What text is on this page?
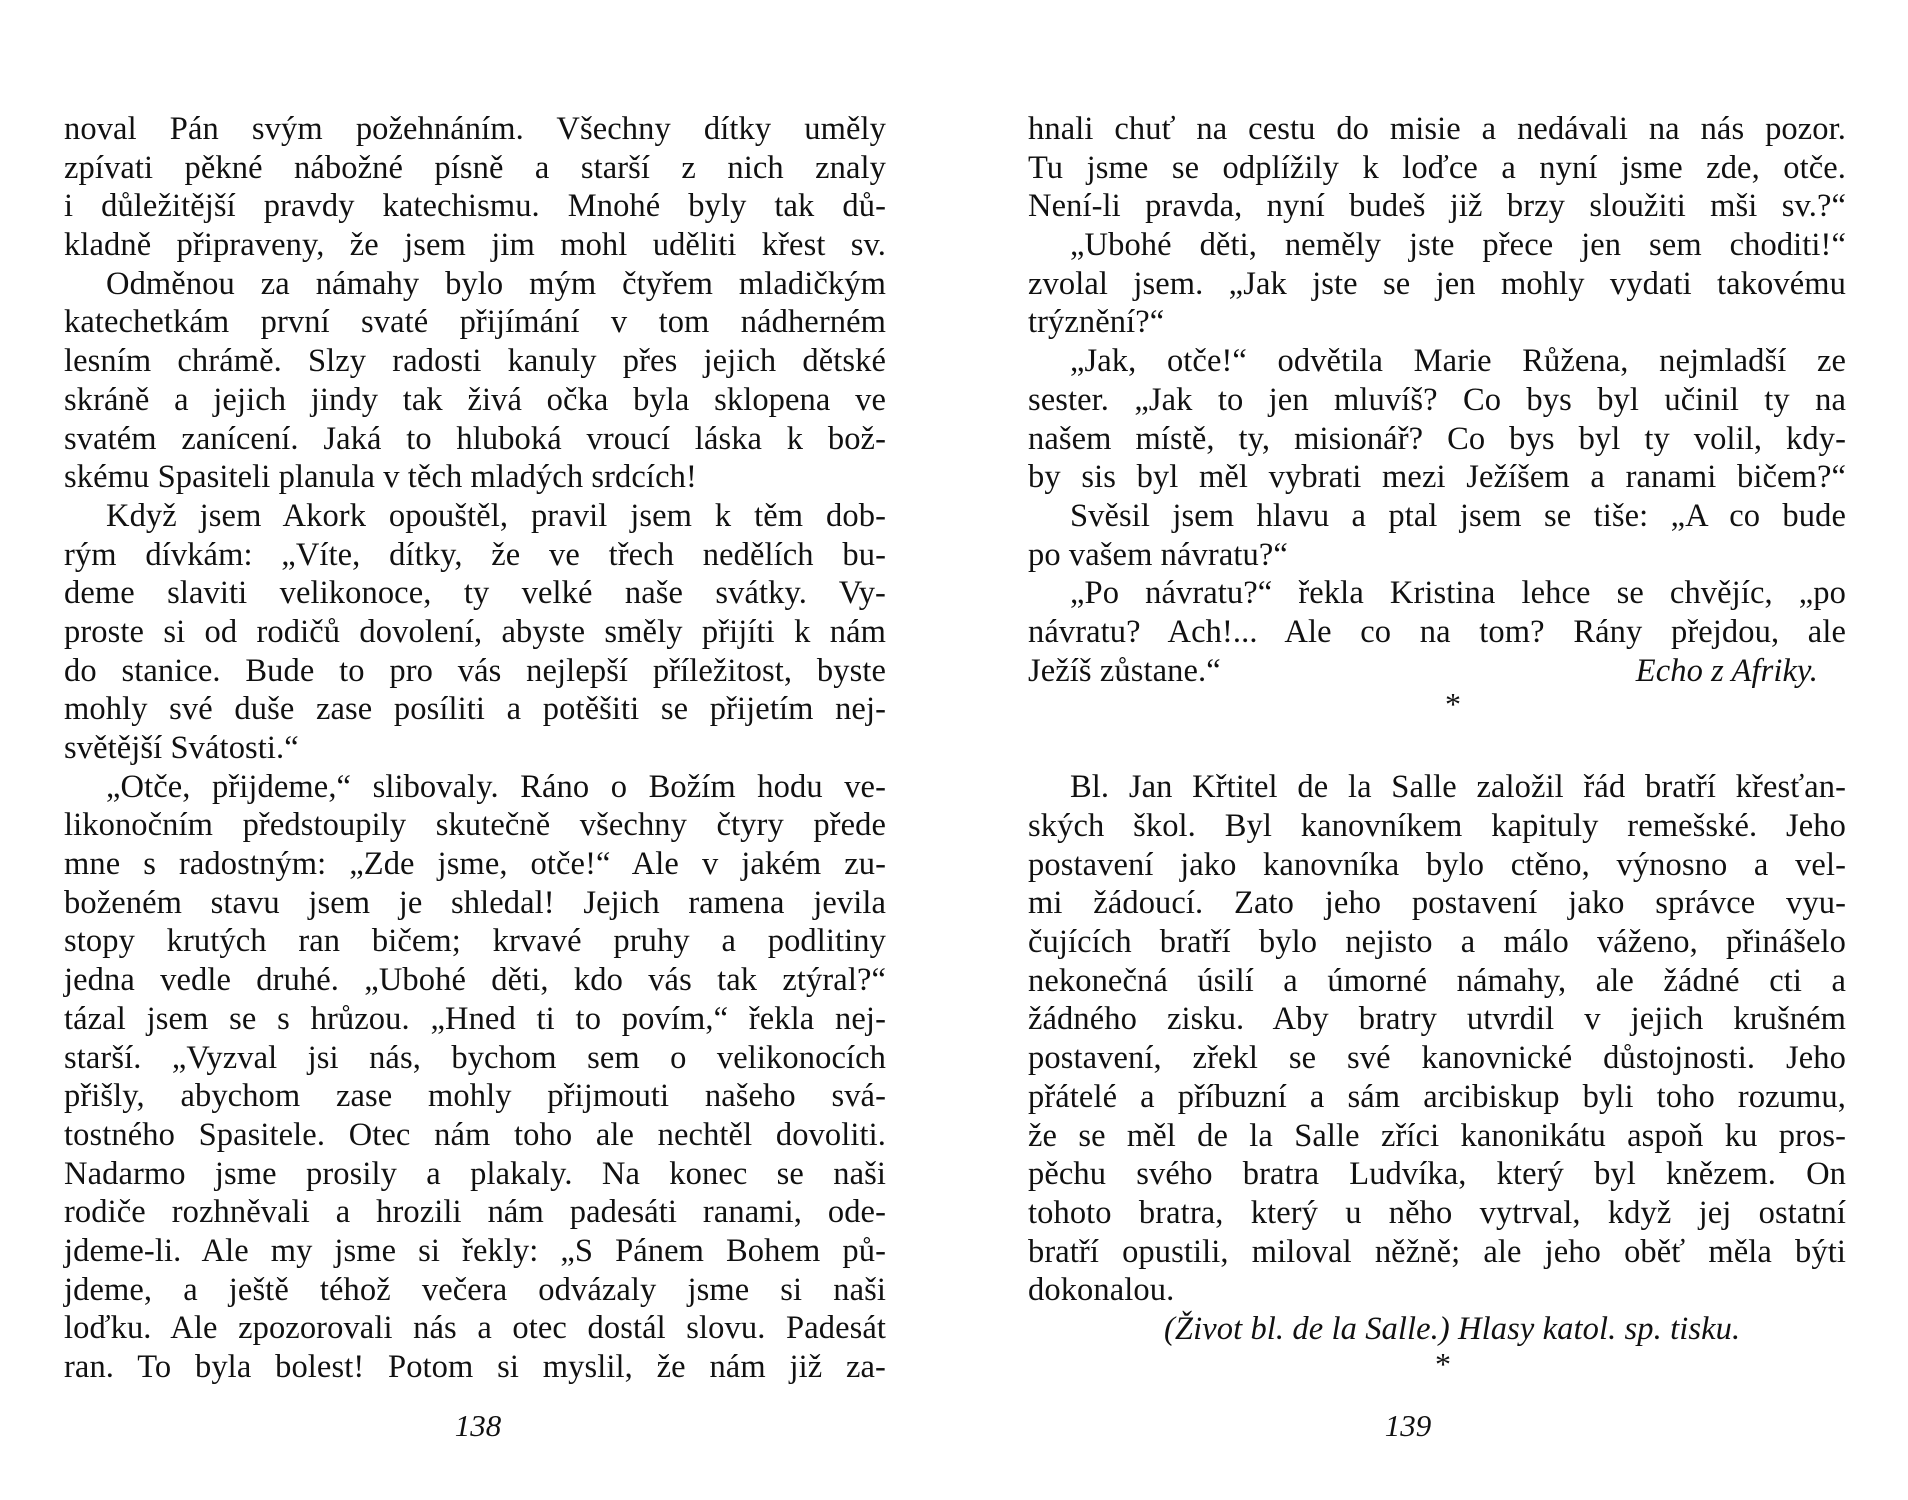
noval Pán svým požehnáním. Všechny dítky uměly
zpívati pěkné nábožné písně a starší z nich znaly
i důležitější pravdy katechismu. Mnohé byly tak dů-
kladně připraveny, že jsem jim mohl uděliti křest sv.
Odměnou za námahy bylo mým čtyřem mladičkým
katechetkám první svaté přijímání v tom nádherném
lesním chrámě. Slzy radosti kanuly přes jejich dětské
skráně a jejich jindy tak živá očka byla sklopena ve
svatém zanícení. Jaká to hluboká vroucí láska k bož-
skému Spasiteli planula v těch mladých srdcích!
Když jsem Akork opouštěl, pravil jsem k těm dob-
rým dívkám: „Víte, dítky, že ve třech nedělích bu-
deme slaviti velikonoce, ty velké naše svátky. Vy-
proste si od rodičů dovolení, abyste směly přijíti k nám
do stanice. Bude to pro vás nejlepší příležitost, byste
mohly své duše zase posíliti a potěšiti se přijetím nej-
světější Svátosti.“
„Otče, přijdeme,“ slibovaly. Ráno o Božím hodu ve-
likonočním předstoupily skutečně všechny čtyry přede
mne s radostným: „Zde jsme, otče!“ Ale v jakém zu-
boženém stavu jsem je shledal! Jejich ramena jevila
stopy krutých ran bičem; krvavé pruhy a podlitiny
jedna vedle druhé. „Ubohé děti, kdo vás tak ztýral?“
tázal jsem se s hrůzou. „Hned ti to povím,“ řekla nej-
starší. „Vyzval jsi nás, bychom sem o velikonocích
přišly, abychom zase mohly přijmouti našeho svá-
tostného Spasitele. Otec nám toho ale nechtěl dovoliti.
Nadarmo jsme prosily a plakaly. Na konec se naši
rodiče rozhněvali a hrozili nám padesáti ranami, ode-
jdeme-li. Ale my jsme si řekly: „S Pánem Bohem pů-
jdeme, a ještě téhož večera odvázaly jsme si naši
loďku. Ale zpozorovali nás a otec dostál slovu. Padesát
ran. To byla bolest! Potom si myslil, že nám již za-
138
hnali chuť na cestu do misie a nedávali na nás pozor.
Tu jsme se odplížily k loďce a nyní jsme zde, otče.
Není-li pravda, nyní budeš již brzy sloužiti mši sv.?“
„Ubohé děti, neměly jste přece jen sem choditi!“
zvolal jsem. „Jak jste se jen mohly vydati takovému
trýznění?“
„Jak, otče!“ odvětila Marie Růžena, nejmladší ze
sester. „Jak to jen mluvíš? Co bys byl učinil ty na
našem místě, ty, misionář? Co bys byl ty volil, kdy-
by sis byl měl vybrati mezi Ježíšem a ranami bičem?“
Svěsil jsem hlavu a ptal jsem se tiše: „A co bude
po vašem návratu?“
„Po návratu?“ řekla Kristina lehce se chvějíc, „po
návratu? Ach!... Ale co na tom? Rány přejdou, ale
Ježíš zůstane.“	Echo z Afriky.
Bl. Jan Křtitel de la Salle založil řád bratří křesťan-
ských škol. Byl kanovníkem kapituly remešské. Jeho
postavení jako kanovníka bylo ctěno, výnosno a vel-
mi žádoucí. Zato jeho postavení jako správce vyu-
čujících bratří bylo nejisto a málo váženo, přinášelo
nekonečná úsilí a úmorné námahy, ale žádné cti a
žádného zisku. Aby bratry utvrdil v jejich krušném
postavení, zřekl se své kanovnické důstojnosti. Jeho
přátelé a příbuzní a sám arcibiskup byli toho rozumu,
že se měl de la Salle zříci kanonikátu aspoň ku pros-
pěchu svého bratra Ludvíka, který byl knězem. On
tohoto bratra, který u něho vytrval, když jej ostatní
bratří opustili, miloval něžně; ale jeho oběť měla býti
dokonalou.
(Život bl. de la Salle.) Hlasy katol. sp. tisku.
*
*
139
